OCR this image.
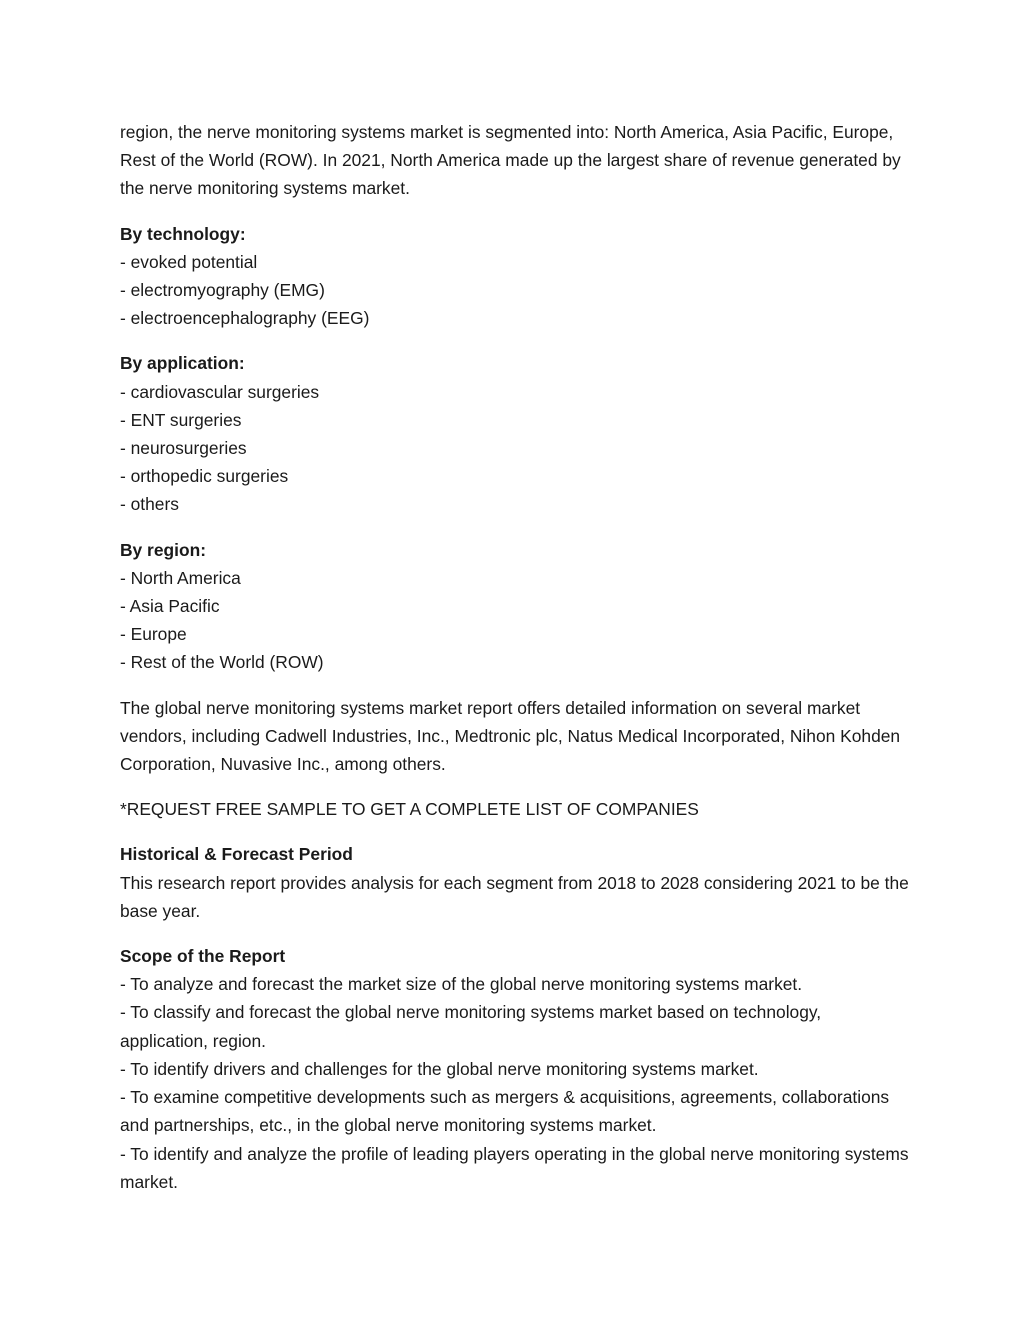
region, the nerve monitoring systems market is segmented into: North America, Asia Pacific, Europe, Rest of the World (ROW). In 2021, North America made up the largest share of revenue generated by the nerve monitoring systems market.

By technology:
- evoked potential
- electromyography (EMG)
- electroencephalography (EEG)
By application:
- cardiovascular surgeries
- ENT surgeries
- neurosurgeries
- orthopedic surgeries
- others
By region:
- North America
- Asia Pacific
- Europe
- Rest of the World (ROW)

The global nerve monitoring systems market report offers detailed information on several market vendors, including Cadwell Industries, Inc., Medtronic plc, Natus Medical Incorporated, Nihon Kohden Corporation, Nuvasive Inc., among others.

*REQUEST FREE SAMPLE TO GET A COMPLETE LIST OF COMPANIES

Historical & Forecast Period
This research report provides analysis for each segment from 2018 to 2028 considering 2021 to be the base year.
Scope of the Report
- To analyze and forecast the market size of the global nerve monitoring systems market.
- To classify and forecast the global nerve monitoring systems market based on technology, application, region.
- To identify drivers and challenges for the global nerve monitoring systems market.
- To examine competitive developments such as mergers & acquisitions, agreements, collaborations and partnerships, etc., in the global nerve monitoring systems market.
- To identify and analyze the profile of leading players operating in the global nerve monitoring systems market.
